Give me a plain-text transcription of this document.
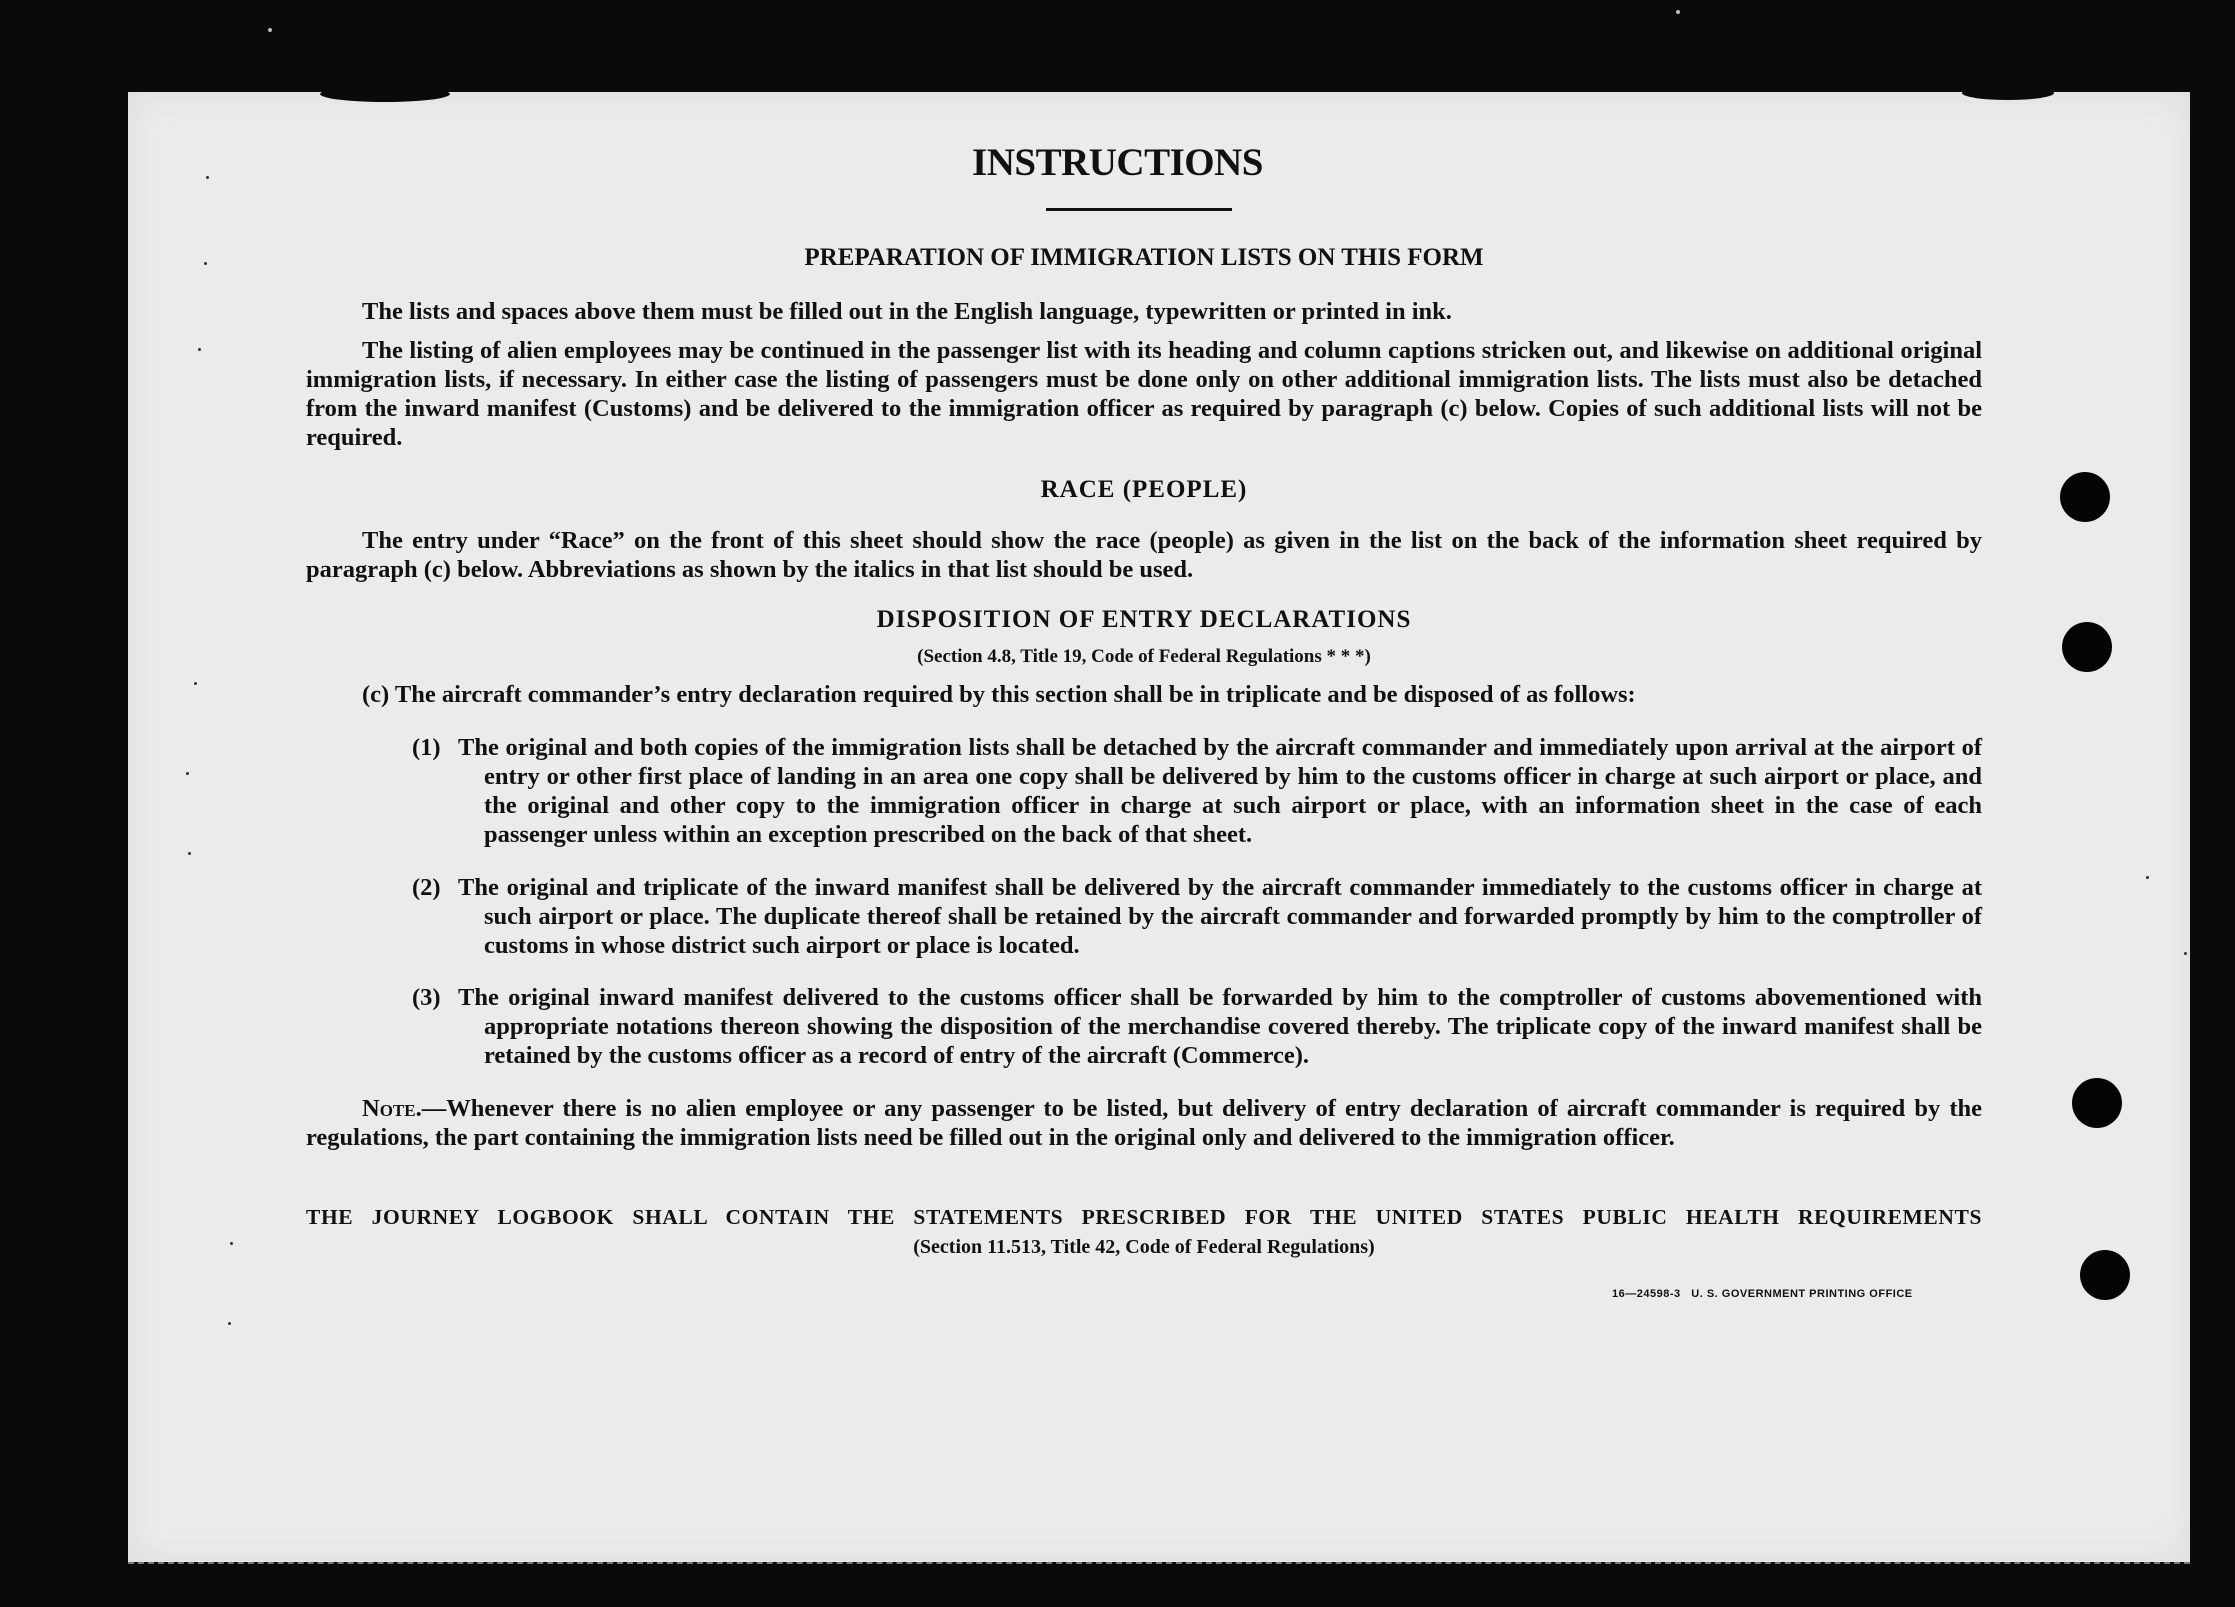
INSTRUCTIONS
PREPARATION OF IMMIGRATION LISTS ON THIS FORM

The lists and spaces above them must be filled out in the English language, typewritten or printed in ink.

The listing of alien employees may be continued in the passenger list with its heading and column captions stricken out, and likewise on additional original immigration lists, if necessary. In either case the listing of passengers must be done only on other additional immigration lists. The lists must also be detached from the inward manifest (Customs) and be delivered to the immigration officer as required by paragraph (c) below. Copies of such additional lists will not be required.

RACE (PEOPLE)

The entry under “Race” on the front of this sheet should show the race (people) as given in the list on the back of the information sheet required by paragraph (c) below. Abbreviations as shown by the italics in that list should be used.

DISPOSITION OF ENTRY DECLARATIONS

(Section 4.8, Title 19, Code of Federal Regulations * * *)

(c) The aircraft commander’s entry declaration required by this section shall be in triplicate and be disposed of as follows:

(1) The original and both copies of the immigration lists shall be detached by the aircraft commander and immediately upon arrival at the airport of entry or other first place of landing in an area one copy shall be delivered by him to the customs officer in charge at such airport or place, and the original and other copy to the immigration officer in charge at such airport or place, with an information sheet in the case of each passenger unless within an exception prescribed on the back of that sheet.

(2) The original and triplicate of the inward manifest shall be delivered by the aircraft commander immediately to the customs officer in charge at such airport or place. The duplicate thereof shall be retained by the aircraft commander and forwarded promptly by him to the comptroller of customs in whose district such airport or place is located.

(3) The original inward manifest delivered to the customs officer shall be forwarded by him to the comptroller of customs abovementioned with appropriate notations thereon showing the disposition of the merchandise covered thereby. The triplicate copy of the inward manifest shall be retained by the customs officer as a record of entry of the aircraft (Commerce).

Note.—Whenever there is no alien employee or any passenger to be listed, but delivery of entry declaration of aircraft commander is required by the regulations, the part containing the immigration lists need be filled out in the original only and delivered to the immigration officer.

THE JOURNEY LOGBOOK SHALL CONTAIN THE STATEMENTS PRESCRIBED FOR THE UNITED STATES PUBLIC HEALTH REQUIREMENTS

(Section 11.513, Title 42, Code of Federal Regulations)

16—24598-3 U. S. GOVERNMENT PRINTING OFFICE
